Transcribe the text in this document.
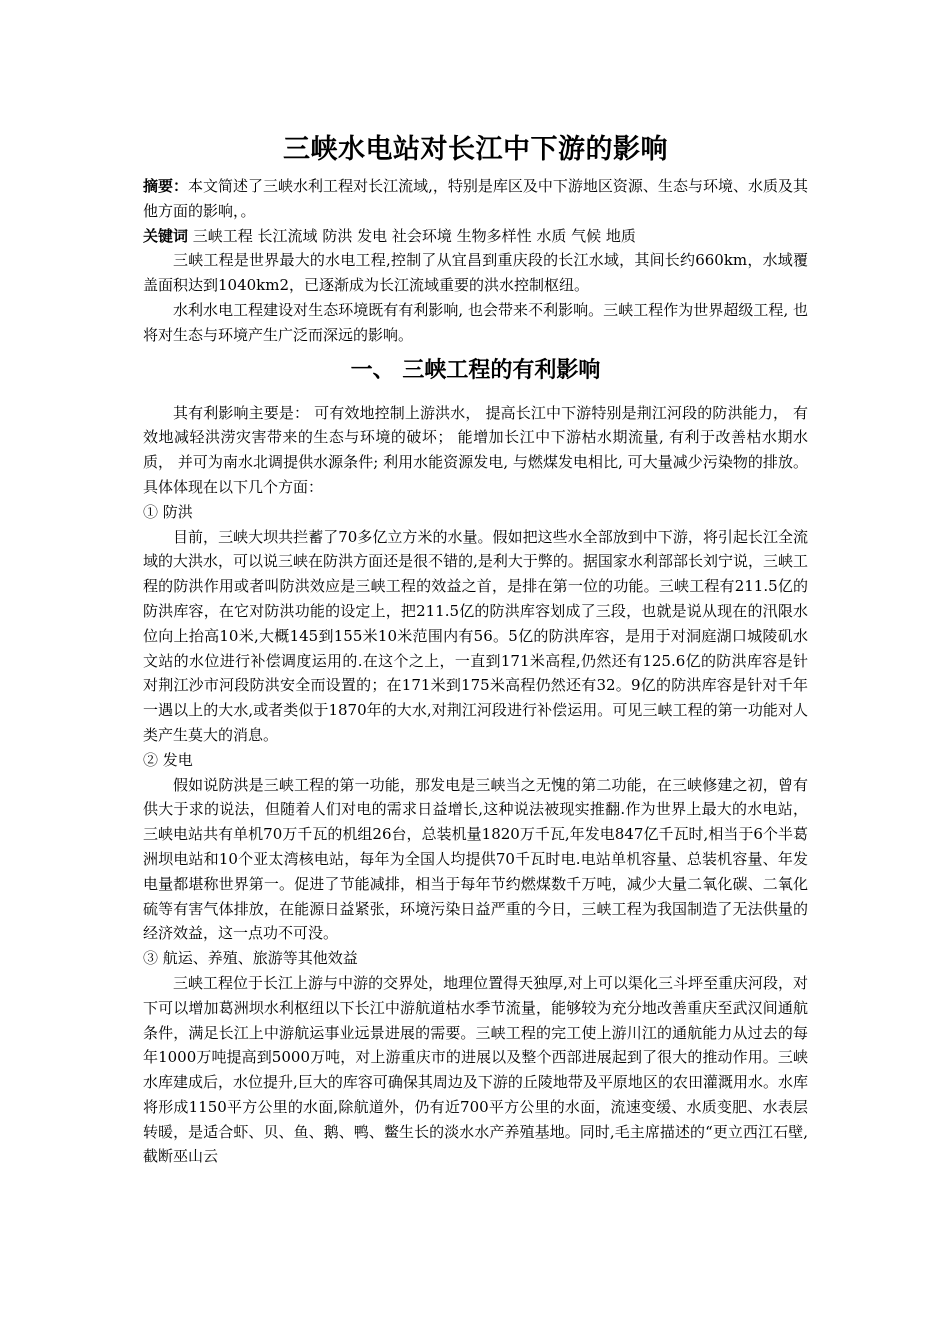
三峡水电站对长江中下游的影响

摘要：本文简述了三峡水利工程对长江流域,，特别是库区及中下游地区资源、生态与环境、水质及其他方面的影响，。

关键词 三峡工程 长江流域 防洪 发电 社会环境 生物多样性 水质 气候 地质

三峡工程是世界最大的水电工程,控制了从宜昌到重庆段的长江水域，其间长约660km，水域覆盖面积达到1040km2，已逐渐成为长江流域重要的洪水控制枢纽。

水利水电工程建设对生态环境既有有利影响, 也会带来不利影响。三峡工程作为世界超级工程, 也将对生态与环境产生广泛而深远的影响。

一、 三峡工程的有利影响

其有利影响主要是： 可有效地控制上游洪水， 提高长江中下游特别是荆江河段的防洪能力， 有效地减轻洪涝灾害带来的生态与环境的破坏； 能增加长江中下游枯水期流量, 有利于改善枯水期水质， 并可为南水北调提供水源条件; 利用水能资源发电, 与燃煤发电相比, 可大量减少污染物的排放。具体体现在以下几个方面：

① 防洪

目前，三峡大坝共拦蓄了70多亿立方米的水量。假如把这些水全部放到中下游，将引起长江全流域的大洪水，可以说三峡在防洪方面还是很不错的,是利大于弊的。据国家水利部部长刘宁说，三峡工程的防洪作用或者叫防洪效应是三峡工程的效益之首，是排在第一位的功能。三峡工程有211.5亿的防洪库容，在它对防洪功能的设定上，把211.5亿的防洪库容划成了三段，也就是说从现在的汛限水位向上抬高10米,大概145到155米10米范围内有56。5亿的防洪库容，是用于对洞庭湖口城陵矶水文站的水位进行补偿调度运用的.在这个之上，一直到171米高程,仍然还有125.6亿的防洪库容是针对荆江沙市河段防洪安全而设置的；在171米到175米高程仍然还有32。9亿的防洪库容是针对千年一遇以上的大水,或者类似于1870年的大水,对荆江河段进行补偿运用。可见三峡工程的第一功能对人类产生莫大的消息。

② 发电

假如说防洪是三峡工程的第一功能，那发电是三峡当之无愧的第二功能，在三峡修建之初，曾有供大于求的说法，但随着人们对电的需求日益增长,这种说法被现实推翻.作为世界上最大的水电站，三峡电站共有单机70万千瓦的机组26台，总装机量1820万千瓦,年发电847亿千瓦时,相当于6个半葛洲坝电站和10个亚太湾核电站，每年为全国人均提供70千瓦时电.电站单机容量、总装机容量、年发电量都堪称世界第一。促进了节能减排，相当于每年节约燃煤数千万吨，减少大量二氧化碳、二氧化硫等有害气体排放，在能源日益紧张，环境污染日益严重的今日，三峡工程为我国制造了无法供量的经济效益，这一点功不可没。

③ 航运、养殖、旅游等其他效益

三峡工程位于长江上游与中游的交界处，地理位置得天独厚,对上可以渠化三斗坪至重庆河段，对下可以增加葛洲坝水利枢纽以下长江中游航道枯水季节流量，能够较为充分地改善重庆至武汉间通航条件，满足长江上中游航运事业远景进展的需要。三峡工程的完工使上游川江的通航能力从过去的每年1000万吨提高到5000万吨，对上游重庆市的进展以及整个西部进展起到了很大的推动作用。三峡水库建成后，水位提升,巨大的库容可确保其周边及下游的丘陵地带及平原地区的农田灌溉用水。水库将形成1150平方公里的水面,除航道外，仍有近700平方公里的水面，流速变缓、水质变肥、水表层转暖，是适合虾、贝、鱼、鹅、鸭、鳖生长的淡水水产养殖基地。同时,毛主席描述的“更立西江石壁,截断巫山云
